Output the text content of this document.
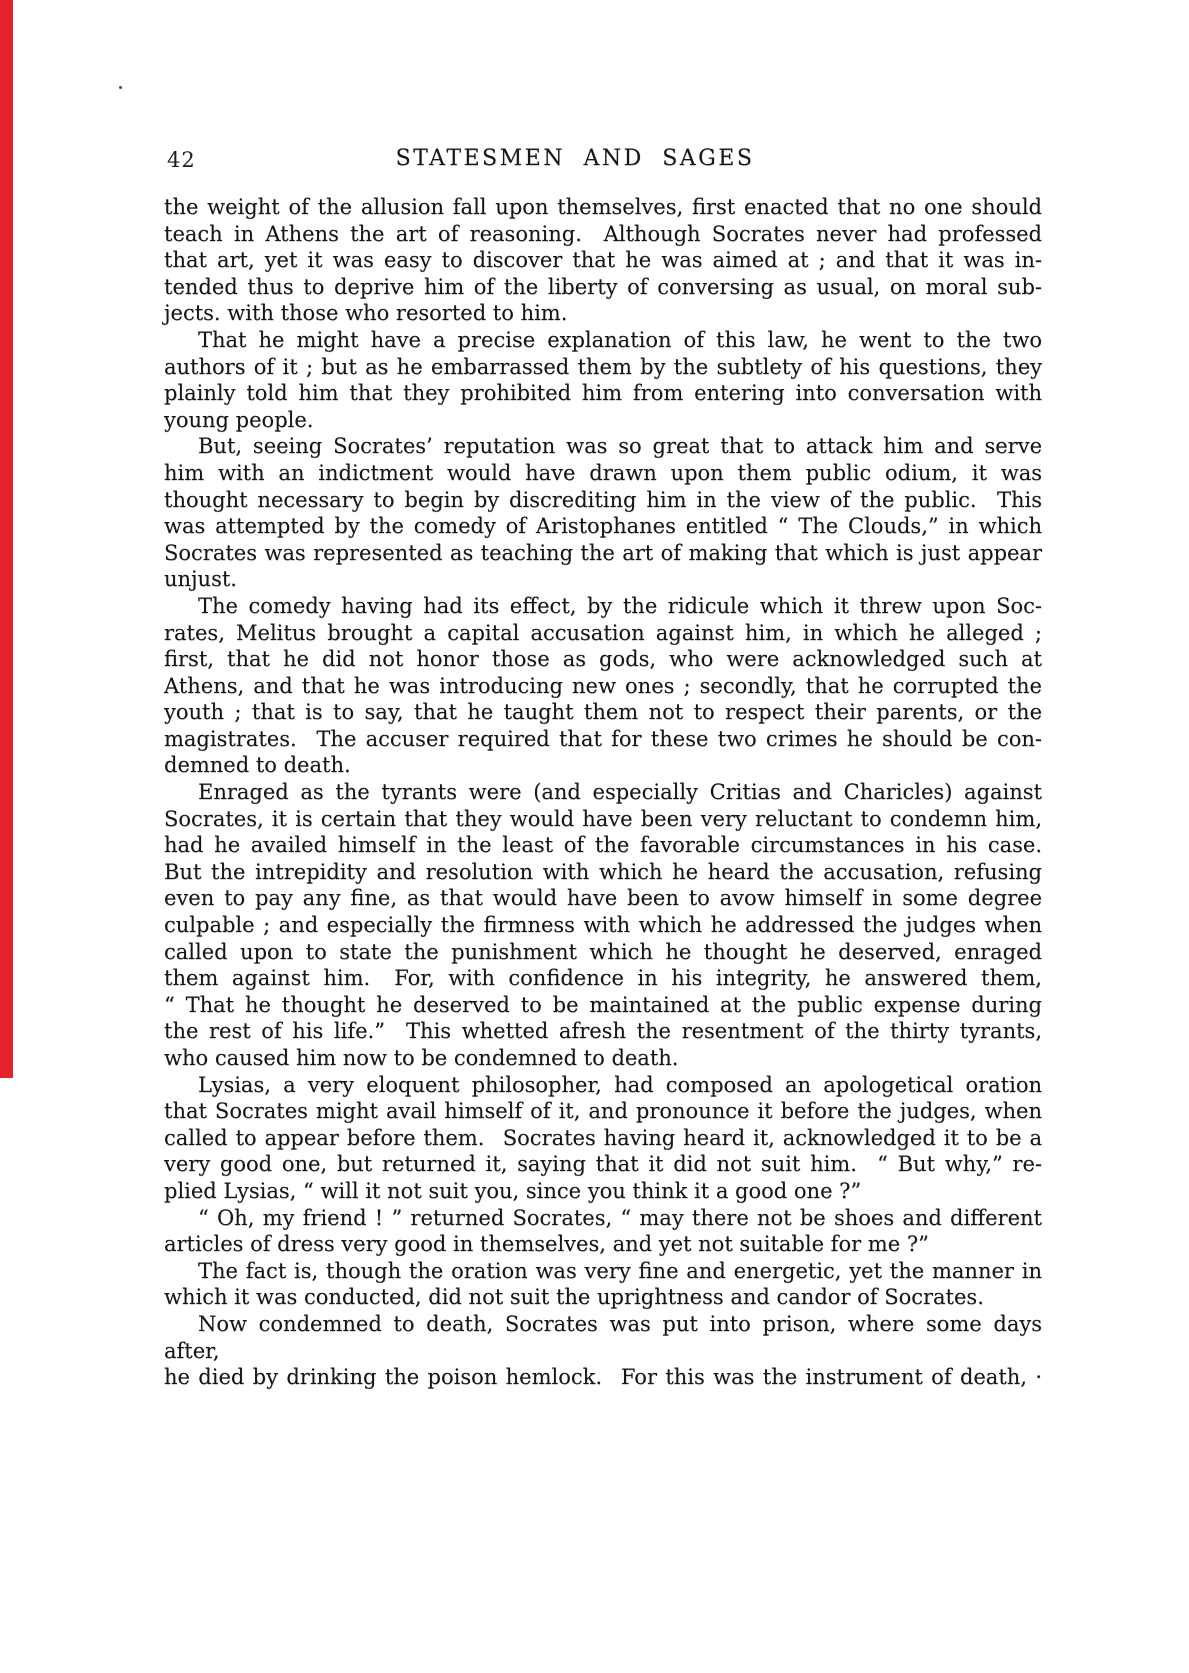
42	STATESMEN AND SAGES
the weight of the allusion fall upon themselves, first enacted that no one should
teach in Athens the art of reasoning.  Although Socrates never had professed
that art, yet it was easy to discover that he was aimed at ; and that it was in-
tended thus to deprive him of the liberty of conversing as usual, on moral sub-
jects. with those who resorted to him.
That he might have a precise explanation of this law, he went to the two
authors of it ; but as he embarrassed them by the subtlety of his questions, they
plainly told him that they prohibited him from entering into conversation with
young people.
But, seeing Socrates’ reputation was so great that to attack him and serve
him with an indictment would have drawn upon them public odium, it was
thought necessary to begin by discrediting him in the view of the public.  This
was attempted by the comedy of Aristophanes entitled “ The Clouds,” in which
Socrates was represented as teaching the art of making that which is just appear
unjust.
The comedy having had its effect, by the ridicule which it threw upon Soc-
rates, Melitus brought a capital accusation against him, in which he alleged ;
first, that he did not honor those as gods, who were acknowledged such at
Athens, and that he was introducing new ones ; secondly, that he corrupted the
youth ; that is to say, that he taught them not to respect their parents, or the
magistrates.  The accuser required that for these two crimes he should be con-
demned to death.
Enraged as the tyrants were (and especially Critias and Charicles) against
Socrates, it is certain that they would have been very reluctant to condemn him,
had he availed himself in the least of the favorable circumstances in his case.
But the intrepidity and resolution with which he heard the accusation, refusing
even to pay any fine, as that would have been to avow himself in some degree
culpable ; and especially the firmness with which he addressed the judges when
called upon to state the punishment which he thought he deserved, enraged
them against him.  For, with confidence in his integrity, he answered them,
“ That he thought he deserved to be maintained at the public expense during
the rest of his life.”  This whetted afresh the resentment of the thirty tyrants,
who caused him now to be condemned to death.
Lysias, a very eloquent philosopher, had composed an apologetical oration
that Socrates might avail himself of it, and pronounce it before the judges, when
called to appear before them.  Socrates having heard it, acknowledged it to be a
very good one, but returned it, saying that it did not suit him.  “ But why,” re-
plied Lysias, “ will it not suit you, since you think it a good one ?”
“ Oh, my friend ! ” returned Socrates, “ may there not be shoes and different
articles of dress very good in themselves, and yet not suitable for me ?”
The fact is, though the oration was very fine and energetic, yet the manner in
which it was conducted, did not suit the uprightness and candor of Socrates.
Now condemned to death, Socrates was put into prison, where some days after,
he died by drinking the poison hemlock.  For this was the instrument of death, ·
